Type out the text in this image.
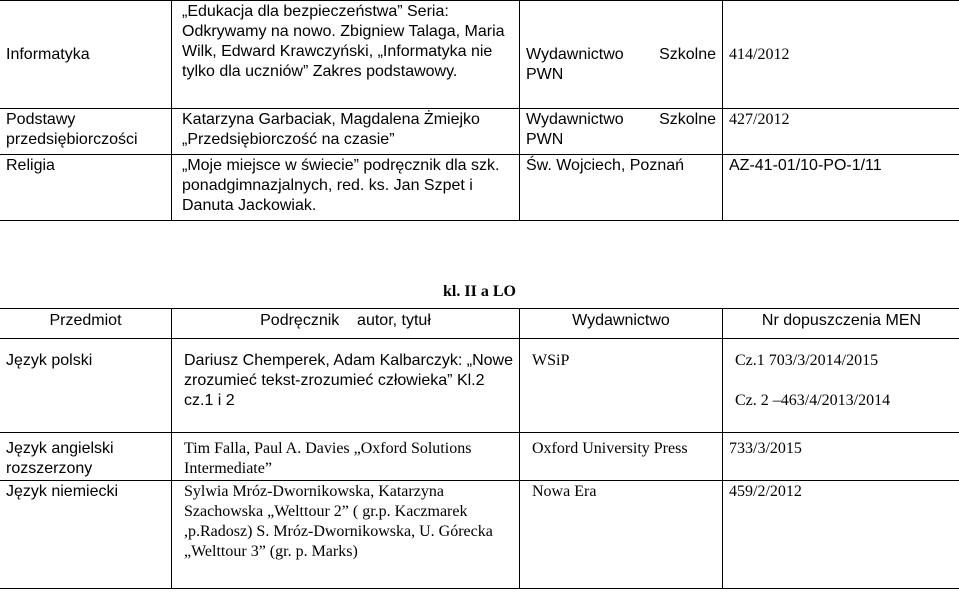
Informatyka	„Edukacja dla bezpieczeństwa” Seria: Odkrywamy na nowo. Zbigniew Talaga, Maria Wilk, Edward Krawczyński, „Informatyka nie tylko dla uczniów” Zakres podstawowy.	Wydawnictwo Szkolne PWN	414/2012
Podstawy przedsiębiorczości	Katarzyna Garbaciak, Magdalena Żmiejko „Przedsiębiorczość na czasie”	Wydawnictwo Szkolne PWN	427/2012
Religia	„Moje miejsce w świecie” podręcznik dla szk. ponadgimnazjalnych, red. ks. Jan Szpet i Danuta Jackowiak.	Św. Wojciech, Poznań	AZ-41-01/10-PO-1/11
kl. II a LO
Przedmiot	Podręcznik    autor, tytuł	Wydawnictwo	Nr dopuszczenia MEN
Język polski	Dariusz Chemperek, Adam Kalbarczyk: „Nowe zrozumieć tekst-zrozumieć człowieka” Kl.2 cz.1 i 2	WSiP	Cz.1 703/3/2014/2015

Cz. 2 –463/4/2013/2014
Język angielski rozszerzony	Tim Falla, Paul A. Davies „Oxford Solutions Intermediate”	Oxford University Press	733/3/2015
Język niemiecki	Sylwia Mróz-Dwornikowska, Katarzyna Szachowska „Welttour 2” ( gr.p. Kaczmarek ,p.Radosz) S. Mróz-Dwornikowska, U. Górecka „Welttour 3” (gr. p. Marks)	Nowa Era	459/2/2012
